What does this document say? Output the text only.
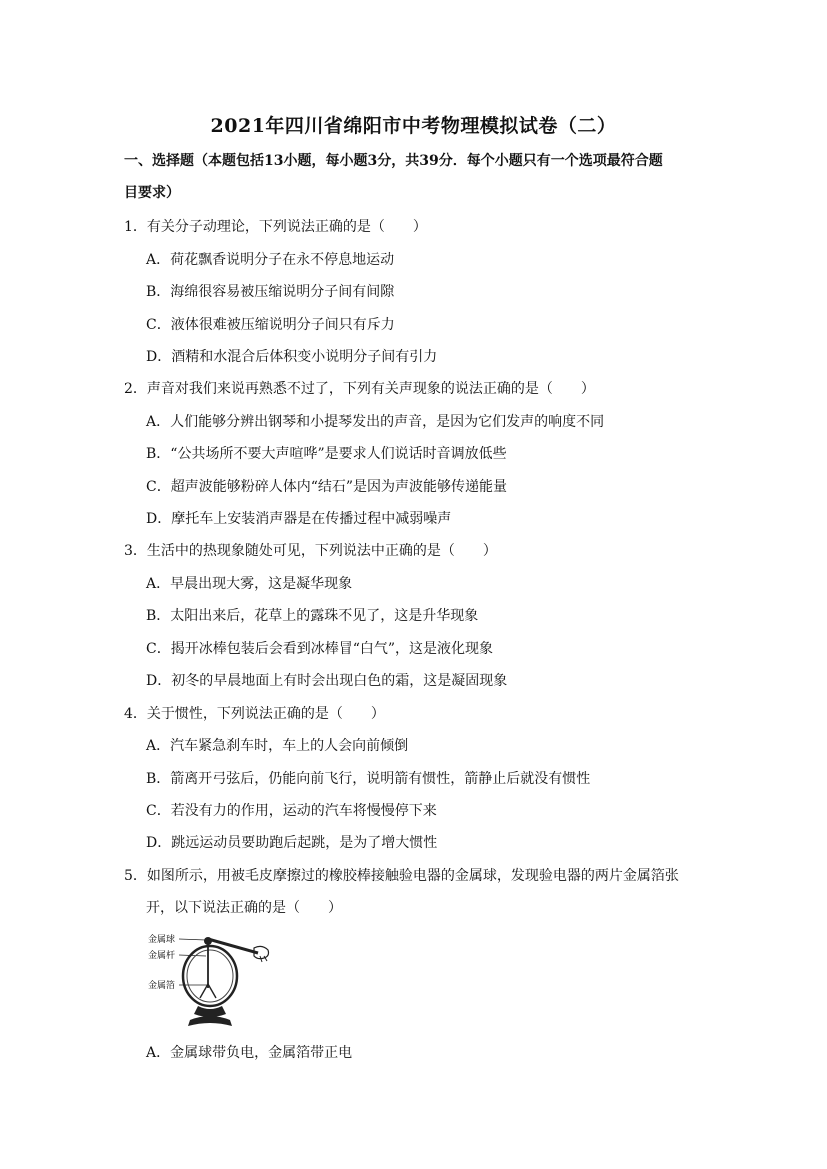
2021年四川省绵阳市中考物理模拟试卷（二）
一、选择题（本题包括13小题，每小题3分，共39分．每个小题只有一个选项最符合题
目要求）
1．有关分子动理论，下列说法正确的是（　　）
A．荷花飘香说明分子在永不停息地运动
B．海绵很容易被压缩说明分子间有间隙
C．液体很难被压缩说明分子间只有斥力
D．酒精和水混合后体积变小说明分子间有引力
2．声音对我们来说再熟悉不过了，下列有关声现象的说法正确的是（　　）
A．人们能够分辨出钢琴和小提琴发出的声音，是因为它们发声的响度不同
B．“公共场所不要大声喧哗”是要求人们说话时音调放低些
C．超声波能够粉碎人体内“结石”是因为声波能够传递能量
D．摩托车上安装消声器是在传播过程中减弱噪声
3．生活中的热现象随处可见，下列说法中正确的是（　　）
A．早晨出现大雾，这是凝华现象
B．太阳出来后，花草上的露珠不见了，这是升华现象
C．揭开冰棒包装后会看到冰棒冒“白气”，这是液化现象
D．初冬的早晨地面上有时会出现白色的霜，这是凝固现象
4．关于惯性，下列说法正确的是（　　）
A．汽车紧急刹车时，车上的人会向前倾倒
B．箭离开弓弦后，仍能向前飞行，说明箭有惯性，箭静止后就没有惯性
C．若没有力的作用，运动的汽车将慢慢停下来
D．跳远运动员要助跑后起跳，是为了增大惯性
5．如图所示，用被毛皮摩擦过的橡胶棒接触验电器的金属球，发现验电器的两片金属箔张
开，以下说法正确的是（　　）
金属球
金属杆
金属箔
A．金属球带负电，金属箔带正电
